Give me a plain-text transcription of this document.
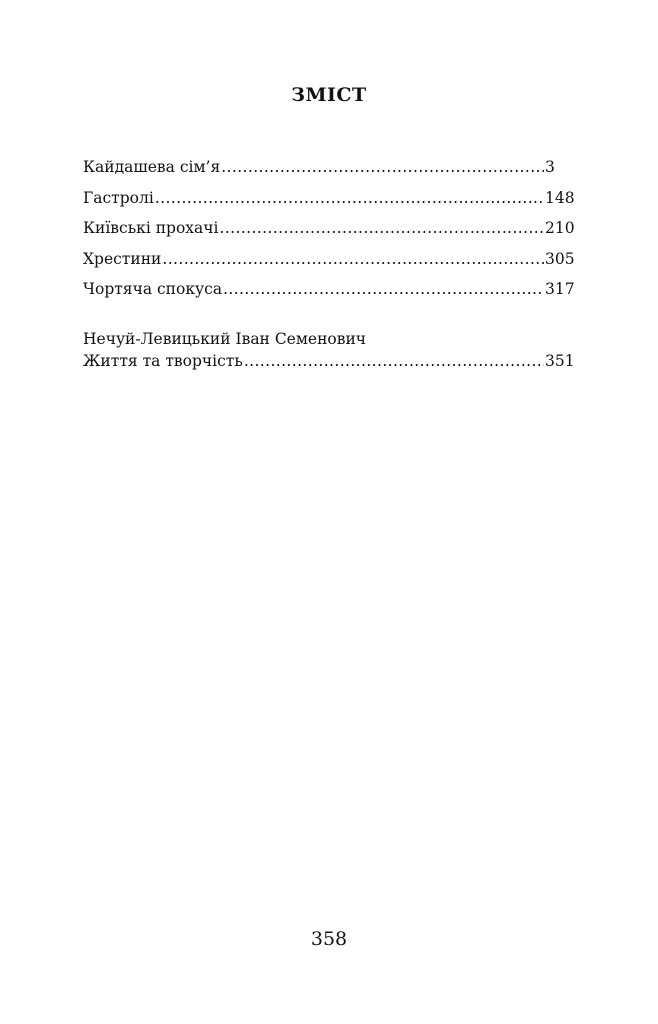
ЗМІСТ
Кайдашева сім’я .....	3
Гастролі .....	148
Київські прохачі .....	210
Хрестини .....	305
Чортяча спокуса .....	317
Нечуй-Левицький Іван Семенович
Життя та творчість .....	351
358
